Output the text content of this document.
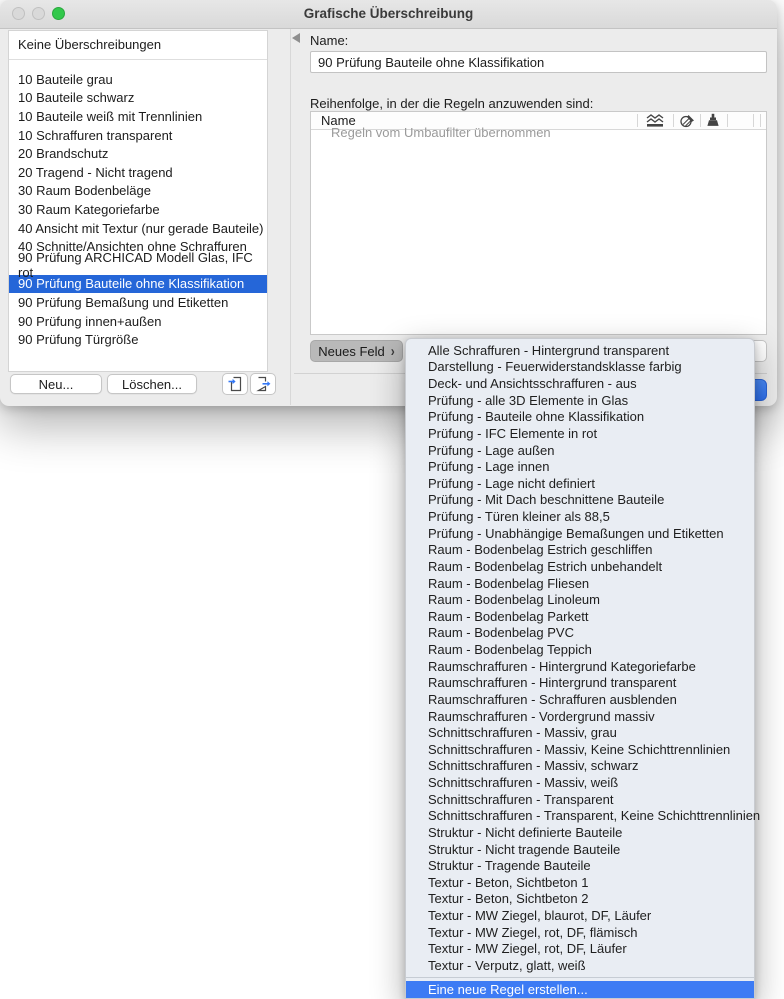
Grafische Überschreibung
Keine Überschreibungen
10 Bauteile grau
10 Bauteile schwarz
10 Bauteile weiß mit Trennlinien
10 Schraffuren transparent
20 Brandschutz
20 Tragend - Nicht tragend
30 Raum Bodenbeläge
30 Raum Kategoriefarbe
40 Ansicht mit Textur (nur gerade Bauteile)
40 Schnitte/Ansichten ohne Schraffuren
90 Prüfung ARCHICAD Modell Glas, IFC rot
90 Prüfung Bauteile ohne Klassifikation
90 Prüfung Bemaßung und Etiketten
90 Prüfung innen+außen
90 Prüfung Türgröße
Neu...	Löschen...
Name:
90 Prüfung Bauteile ohne Klassifikation
Reihenfolge, in der die Regeln anzuwenden sind:
Name
Regeln vom Umbaufilter übernommen
Neues Feld ›	Alle Schraffuren - Hintergrund transparent
Darstellung - Feuerwiderstandsklasse farbig
Deck- und Ansichtsschraffuren - aus
Prüfung - alle 3D Elemente in Glas
Prüfung - Bauteile ohne Klassifikation
Prüfung - IFC Elemente in rot
Prüfung - Lage außen
Prüfung - Lage innen
Prüfung - Lage nicht definiert
Prüfung - Mit Dach beschnittene Bauteile
Prüfung - Türen kleiner als 88,5
Prüfung - Unabhängige Bemaßungen und Etiketten
Raum - Bodenbelag Estrich geschliffen
Raum - Bodenbelag Estrich unbehandelt
Raum - Bodenbelag Fliesen
Raum - Bodenbelag Linoleum
Raum - Bodenbelag Parkett
Raum - Bodenbelag PVC
Raum - Bodenbelag Teppich
Raumschraffuren - Hintergrund Kategoriefarbe
Raumschraffuren - Hintergrund transparent
Raumschraffuren - Schraffuren ausblenden
Raumschraffuren - Vordergrund massiv
Schnittschraffuren - Massiv, grau
Schnittschraffuren - Massiv, Keine Schichttrennlinien
Schnittschraffuren - Massiv, schwarz
Schnittschraffuren - Massiv, weiß
Schnittschraffuren - Transparent
Schnittschraffuren - Transparent, Keine Schichttrennlinien
Struktur - Nicht definierte Bauteile
Struktur - Nicht tragende Bauteile
Struktur - Tragende Bauteile
Textur - Beton, Sichtbeton 1
Textur - Beton, Sichtbeton 2
Textur - MW Ziegel, blaurot, DF, Läufer
Textur - MW Ziegel, rot, DF, flämisch
Textur - MW Ziegel, rot, DF, Läufer
Textur - Verputz, glatt, weiß
Eine neue Regel erstellen...
